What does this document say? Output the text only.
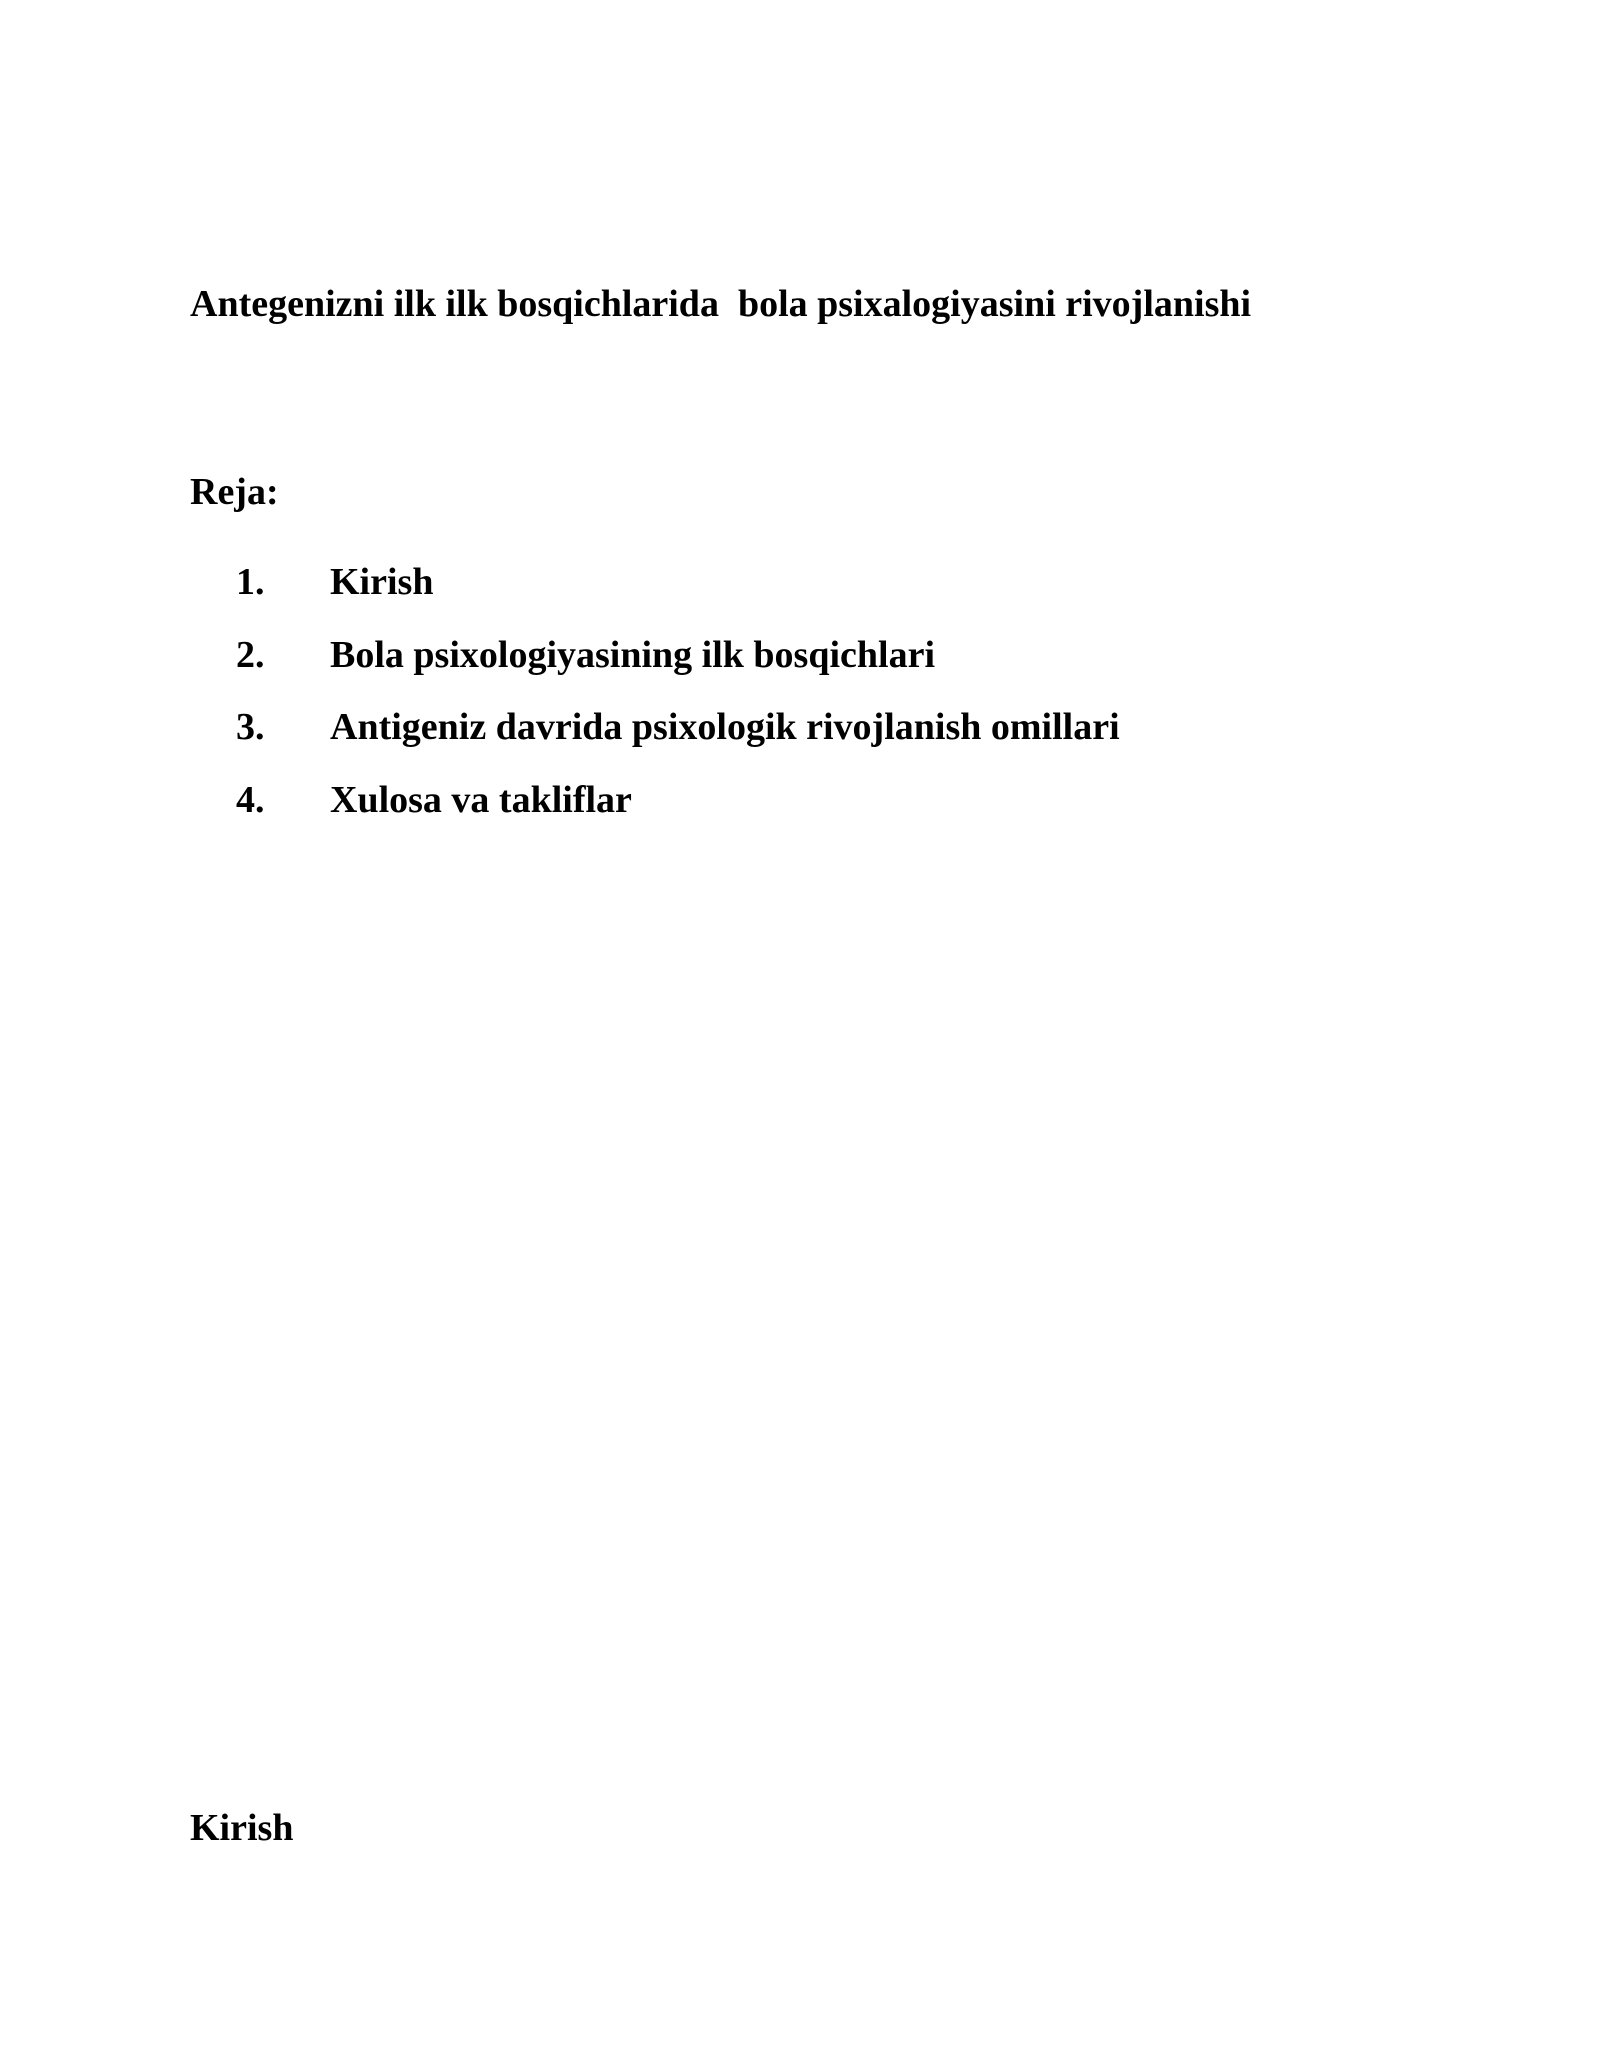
Antegenizni ilk ilk bosqichlarida  bola psixalogiyasini rivojlanishi
Reja:
1. Kirish
2. Bola psixologiyasining ilk bosqichlari
3. Antigeniz davrida psixologik rivojlanish omillari
4. Xulosa va takliflar
Kirish
